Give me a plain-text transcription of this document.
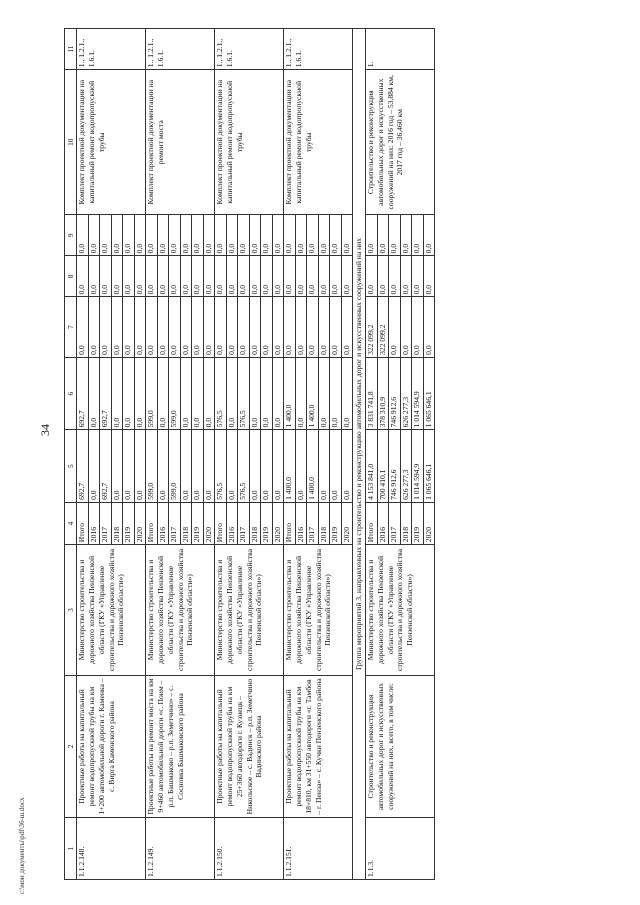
34
c:\мои документы\pdf\36-ш.docx	1	2	3	4	5	6	7	8	9	10	11
1.1.2.148.	Проектные работы на капитальный ремонт водопропускной трубы на км 1+200 автомобильной дороги г. Каменка – с. Вирга Каменского района	Министерство строительства и дорожного хозяйства Пензенской области (ГКУ «Управление строительства и дорожного хозяйства Пензенской области»)	Итого	692,7	692,7	0,0	0,0	0,0	Комплект проектной документации на капитальный ремонт водопропускной трубы	1., 1.2.1., 1.6.1.
			2016	0,0	0,0	0,0	0,0	0,0		
			2017	692,7	692,7	0,0	0,0	0,0		
			2018	0,0	0,0	0,0	0,0	0,0		
			2019	0,0	0,0	0,0	0,0	0,0		
			2020	0,0	0,0	0,0	0,0	0,0		
1.1.2.149.	Проектные работы на ремонт моста на км 9+460 автомобильной дороги «с. Поим – р.п. Башмаково – р.п. Земетчино» – с. Сосновка Башмаковского района	Министерство строительства и дорожного хозяйства Пензенской области (ГКУ «Управление строительства и дорожного хозяйства Пензенской области»)	Итого	599,0	599,0	0,0	0,0	0,0	Комплект проектной документации на ремонт моста	1., 1.2.1., 1.6.1.
			2016	0,0	0,0	0,0	0,0	0,0		
			2017	599,0	599,0	0,0	0,0	0,0		
			2018	0,0	0,0	0,0	0,0	0,0		
			2019	0,0	0,0	0,0	0,0	0,0		
			2020	0,0	0,0	0,0	0,0	0,0		
1.1.2.150.	Проектные работы на капитальный ремонт водопропускной трубы на км 25+360 автодороги г. Кузнецк – Никольское – с. Вадинск – р.п. Земетчино Вадинского района	Министерство строительства и дорожного хозяйства Пензенской области (ГКУ «Управление строительства и дорожного хозяйства Пензенской области»)	Итого	576,5	576,5	0,0	0,0	0,0	Комплект проектной документации на капитальный ремонт водопропускной трубы	1., 1.2.1., 1.6.1.
			2016	0,0	0,0	0,0	0,0	0,0		
			2017	576,5	576,5	0,0	0,0	0,0		
			2018	0,0	0,0	0,0	0,0	0,0		
			2019	0,0	0,0	0,0	0,0	0,0		
			2020	0,0	0,0	0,0	0,0	0,0		
1.1.2.151.	Проектные работы на капитальный ремонт водопропускной трубы на км 18+810, км 31+550 автодороги «г. Тамбов – г. Пенза» – с. Кучки Пензенского района	Министерство строительства и дорожного хозяйства Пензенской области (ГКУ «Управление строительства и дорожного хозяйства Пензенской области»)	Итого	1 400,0	1 400,0	0,0	0,0	0,0	Комплект проектной документации на капитальный ремонт водопропускной трубы	1., 1.2.1., 1.6.1.
			2016	0,0	0,0	0,0	0,0	0,0		
			2017	1 400,0	1 400,0	0,0	0,0	0,0		
			2018	0,0	0,0	0,0	0,0	0,0		
			2019	0,0	0,0	0,0	0,0	0,0		
			2020	0,0	0,0	0,0	0,0	0,0		
Группа мероприятий 3, направленных на строительство и реконструкцию автомобильных дорог и искусственных сооружений на них										
1.1.3.	Строительство и реконструкция автомобильных дорог и искусственных сооружений на них, всего, в том числе:	Министерство строительства и дорожного хозяйства Пензенской области (ГКУ «Управление строительства и дорожного хозяйства Пензенской области»)	Итого	4 153 841,0	3 831 741,8	322 099,2	0,0	0,0	Строительство и реконструкция автомобильных дорог и искусственных сооружений на них: 2016 год – 53,884 км, 2017 год – 36,460 км	1.
			2016	700 410,1	378 310,9	322 099,2	0,0	0,0		
			2017	746 912,6	746 912,6	0,0	0,0	0,0		
			2018	626 277,3	626 277,3	0,0	0,0	0,0		
			2019	1 014 594,9	1 014 594,9	0,0	0,0	0,0		
			2020	1 065 646,1	1 065 646,1	0,0	0,0	0,0		
